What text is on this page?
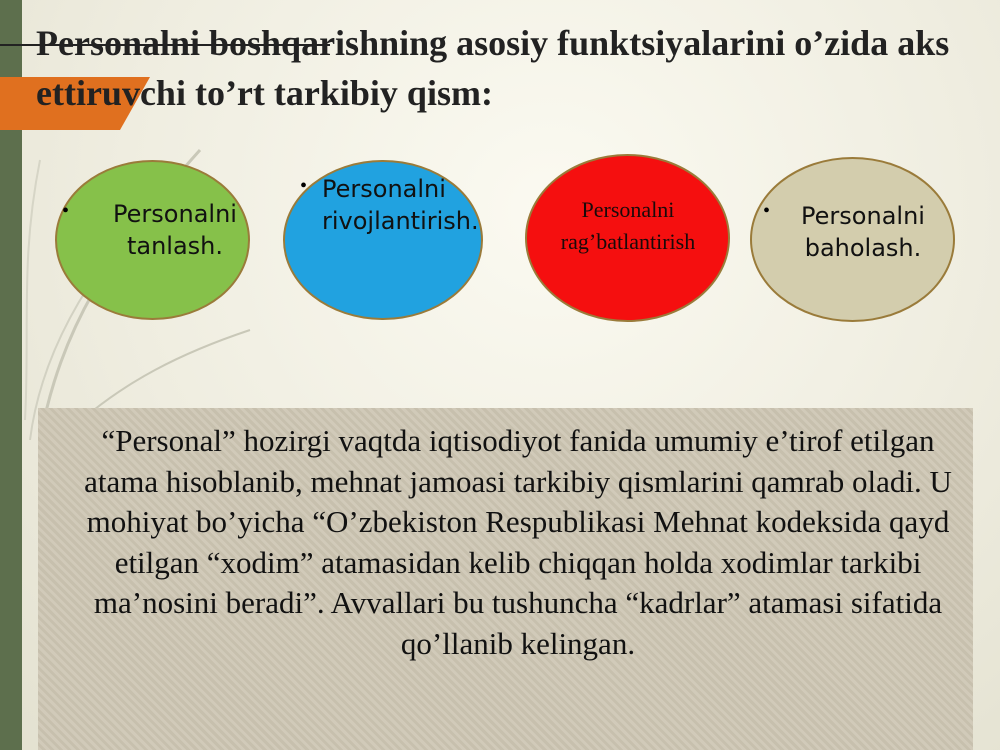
Personalni boshqarishning asosiy funktsiyalarini o’zida aks ettiruvchi to’rt tarkibiy qism:
•	Personalni tanlash.
• Personalni rivojlantirish.	Personalni rag’batlantirish
•	Personalni baholash.

“Personal” hozirgi vaqtda iqtisodiyot fanida umumiy e’tirof etilgan atama hisoblanib, mehnat jamoasi tarkibiy qismlarini qamrab oladi. U mohiyat bo’yicha “O’zbekiston Respublikasi Mehnat kodeksida qayd etilgan “xodim” atamasidan kelib chiqqan holda xodimlar tarkibi ma’nosini beradi”. Avvallari bu tushuncha “kadrlar” atamasi sifatida qo’llanib kelingan.
